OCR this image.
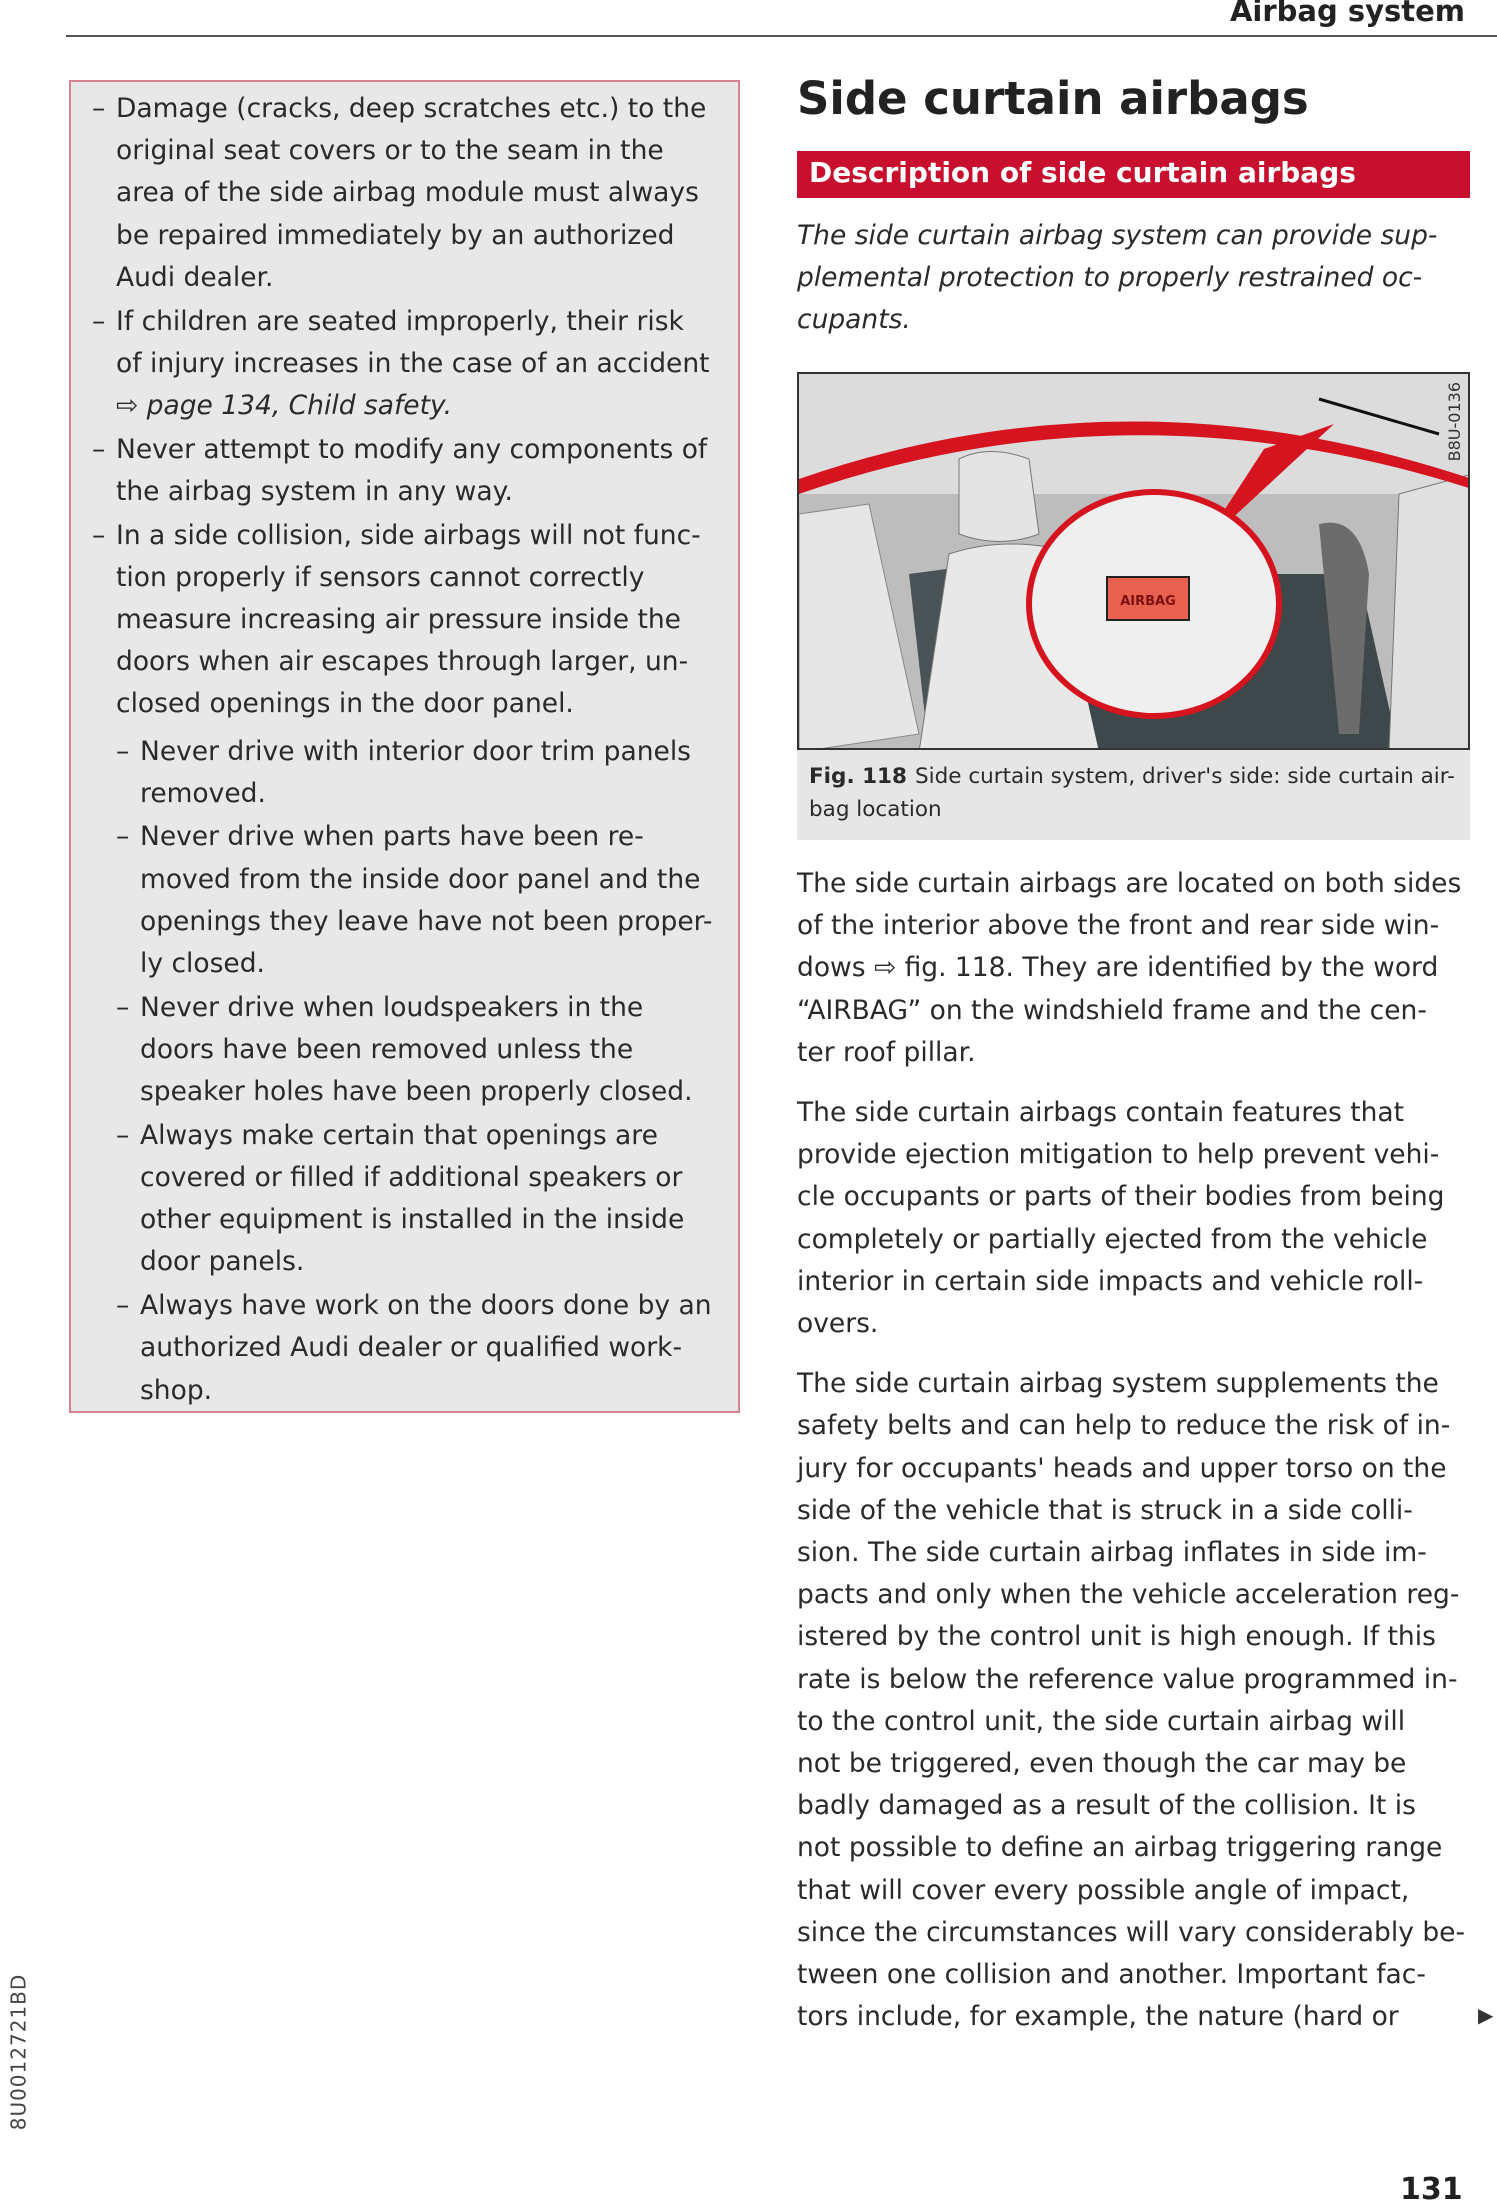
Airbag system
– Damage (cracks, deep scratches etc.) to the
original seat covers or to the seam in the
area of the side airbag module must always
be repaired immediately by an authorized
Audi dealer.
– If children are seated improperly, their risk
of injury increases in the case of an accident
⇨ page 134, Child safety.
– Never attempt to modify any components of
the airbag system in any way.
– In a side collision, side airbags will not func-
tion properly if sensors cannot correctly
measure increasing air pressure inside the
doors when air escapes through larger, un-
closed openings in the door panel.
– Never drive with interior door trim panels
removed.
– Never drive when parts have been re-
moved from the inside door panel and the
openings they leave have not been proper-
ly closed.
– Never drive when loudspeakers in the
doors have been removed unless the
speaker holes have been properly closed.
– Always make certain that openings are
covered or filled if additional speakers or
other equipment is installed in the inside
door panels.
– Always have work on the doors done by an
authorized Audi dealer or qualified work-
shop.
Side curtain airbags
Description of side curtain airbags
The side curtain airbag system can provide sup-
plemental protection to properly restrained oc-
cupants.
AIRBAG
B8U-0136
Fig. 118 Side curtain system, driver's side: side curtain air-
bag location

The side curtain airbags are located on both sides
of the interior above the front and rear side win-
dows ⇨ fig. 118. They are identified by the word
“AIRBAG” on the windshield frame and the cen-
ter roof pillar.

The side curtain airbags contain features that
provide ejection mitigation to help prevent vehi-
cle occupants or parts of their bodies from being
completely or partially ejected from the vehicle
interior in certain side impacts and vehicle roll-
overs.

The side curtain airbag system supplements the
safety belts and can help to reduce the risk of in-
jury for occupants' heads and upper torso on the
side of the vehicle that is struck in a side colli-
sion. The side curtain airbag inflates in side im-
pacts and only when the vehicle acceleration reg-
istered by the control unit is high enough. If this
rate is below the reference value programmed in-
to the control unit, the side curtain airbag will
not be triggered, even though the car may be
badly damaged as a result of the collision. It is
not possible to define an airbag triggering range
that will cover every possible angle of impact,
since the circumstances will vary considerably be-
tween one collision and another. Important fac-
tors include, for example, the nature (hard or	▶
131
8U0012721BD
